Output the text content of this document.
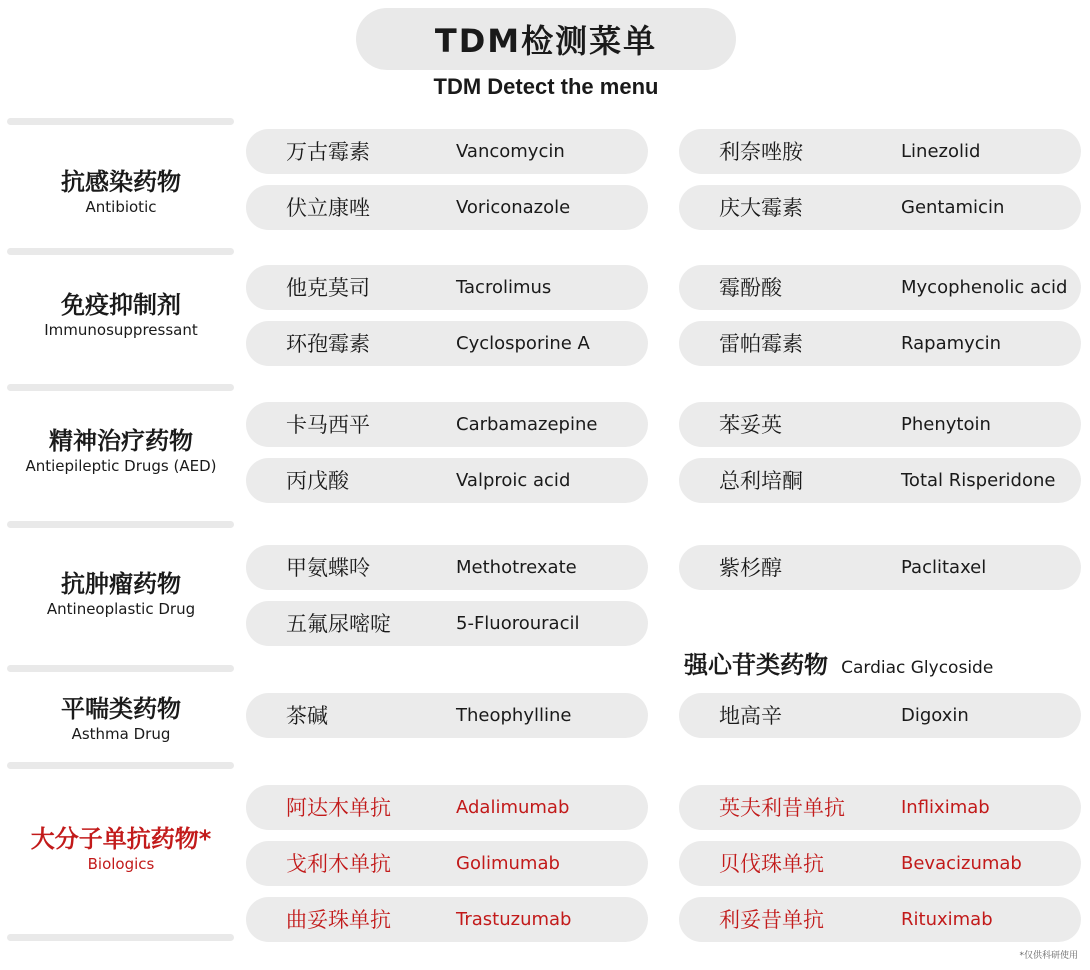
TDM检测菜单
TDM Detect the menu
抗感染药物
Antibiotic
免疫抑制剂
Immunosuppressant
精神治疗药物
Antiepileptic Drugs (AED)
抗肿瘤药物
Antineoplastic Drug
平喘类药物
Asthma Drug
大分子单抗药物*
Biologics
万古霉素	Vancomycin
伏立康唑	Voriconazole
利奈唑胺	Linezolid
庆大霉素	Gentamicin
他克莫司	Tacrolimus
环孢霉素	Cyclosporine A
霉酚酸	Mycophenolic acid
雷帕霉素	Rapamycin
卡马西平	Carbamazepine
丙戊酸	Valproic acid
苯妥英	Phenytoin
总利培酮	Total Risperidone
甲氨蝶呤	Methotrexate
五氟尿嘧啶	5-Fluorouracil
紫杉醇	Paclitaxel
强心苷类药物 Cardiac Glycoside
茶碱	Theophylline	地高辛	Digoxin
阿达木单抗	Adalimumab
戈利木单抗	Golimumab
曲妥珠单抗	Trastuzumab
英夫利昔单抗	Infliximab
贝伐珠单抗	Bevacizumab
利妥昔单抗	Rituximab
*仅供科研使用
